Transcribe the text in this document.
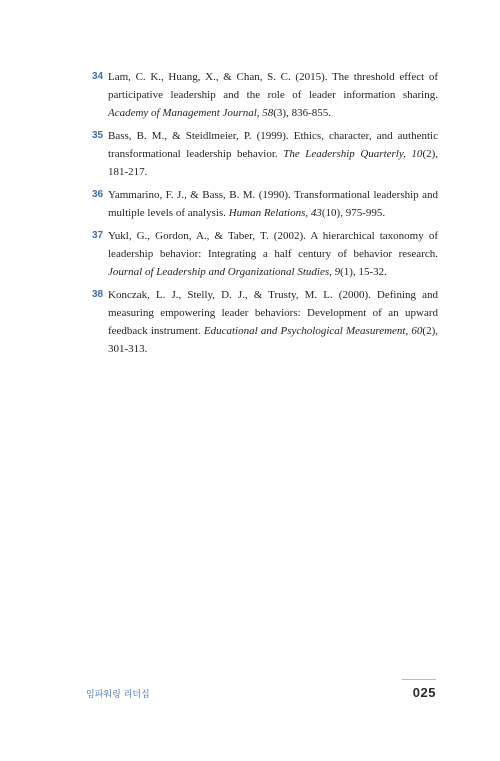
34 Lam, C. K., Huang, X., & Chan, S. C. (2015). The threshold effect of participative leadership and the role of leader information sharing. Academy of Management Journal, 58(3), 836-855.
35 Bass, B. M., & Steidlmeier, P. (1999). Ethics, character, and authentic transformational leadership behavior. The Leadership Quarterly, 10(2), 181-217.
36 Yammarino, F. J., & Bass, B. M. (1990). Transformational leadership and multiple levels of analysis. Human Relations, 43(10), 975-995.
37 Yukl, G., Gordon, A., & Taber, T. (2002). A hierarchical taxonomy of leadership behavior: Integrating a half century of behavior research. Journal of Leadership and Organizational Studies, 9(1), 15-32.
38 Konczak, L. J., Stelly, D. J., & Trusty, M. L. (2000). Defining and measuring empowering leader behaviors: Development of an upward feedback instrument. Educational and Psychological Measurement, 60(2), 301-313.
임파워링 리더십	025
